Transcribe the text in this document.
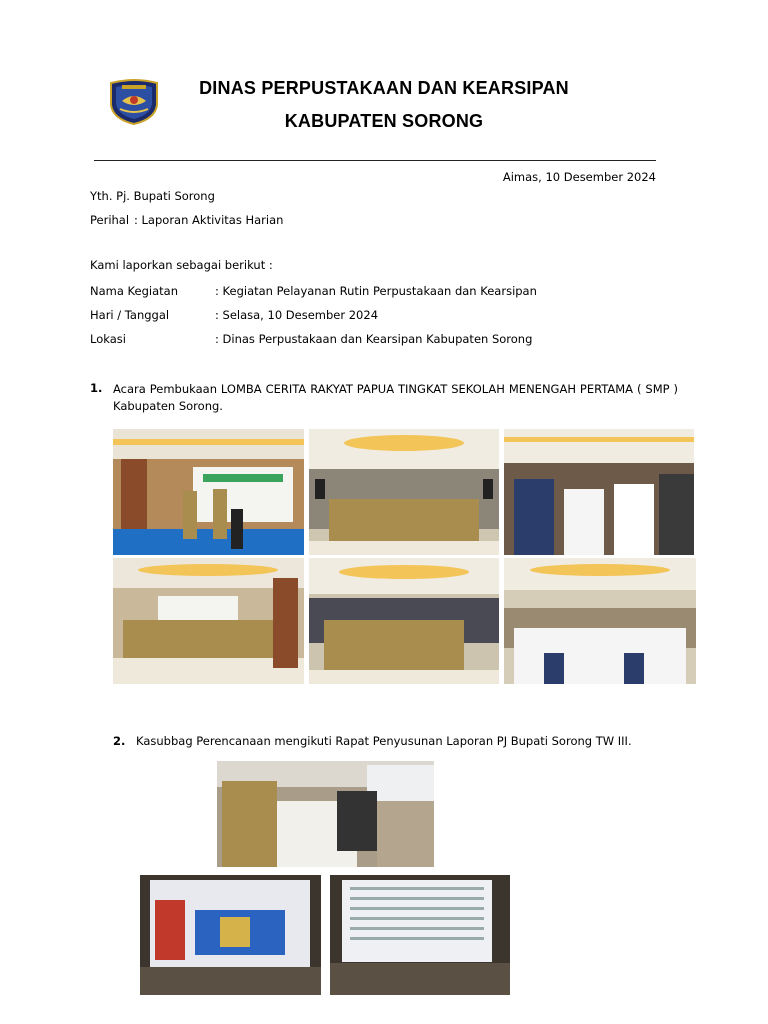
DINAS PERPUSTAKAAN DAN KEARSIPAN
KABUPATEN SORONG
Aimas, 10 Desember 2024
Yth. Pj. Bupati Sorong
Perihal : Laporan Aktivitas Harian
Kami laporkan sebagai berikut :
Nama Kegiatan	: Kegiatan Pelayanan Rutin Perpustakaan dan Kearsipan
Hari / Tanggal	: Selasa, 10 Desember 2024
Lokasi	: Dinas Perpustakaan dan Kearsipan Kabupaten Sorong
1. Acara Pembukaan LOMBA CERITA RAKYAT PAPUA TINGKAT SEKOLAH MENENGAH PERTAMA ( SMP ) Kabupaten Sorong.
2. Kasubbag Perencanaan mengikuti Rapat Penyusunan Laporan PJ Bupati Sorong TW III.
